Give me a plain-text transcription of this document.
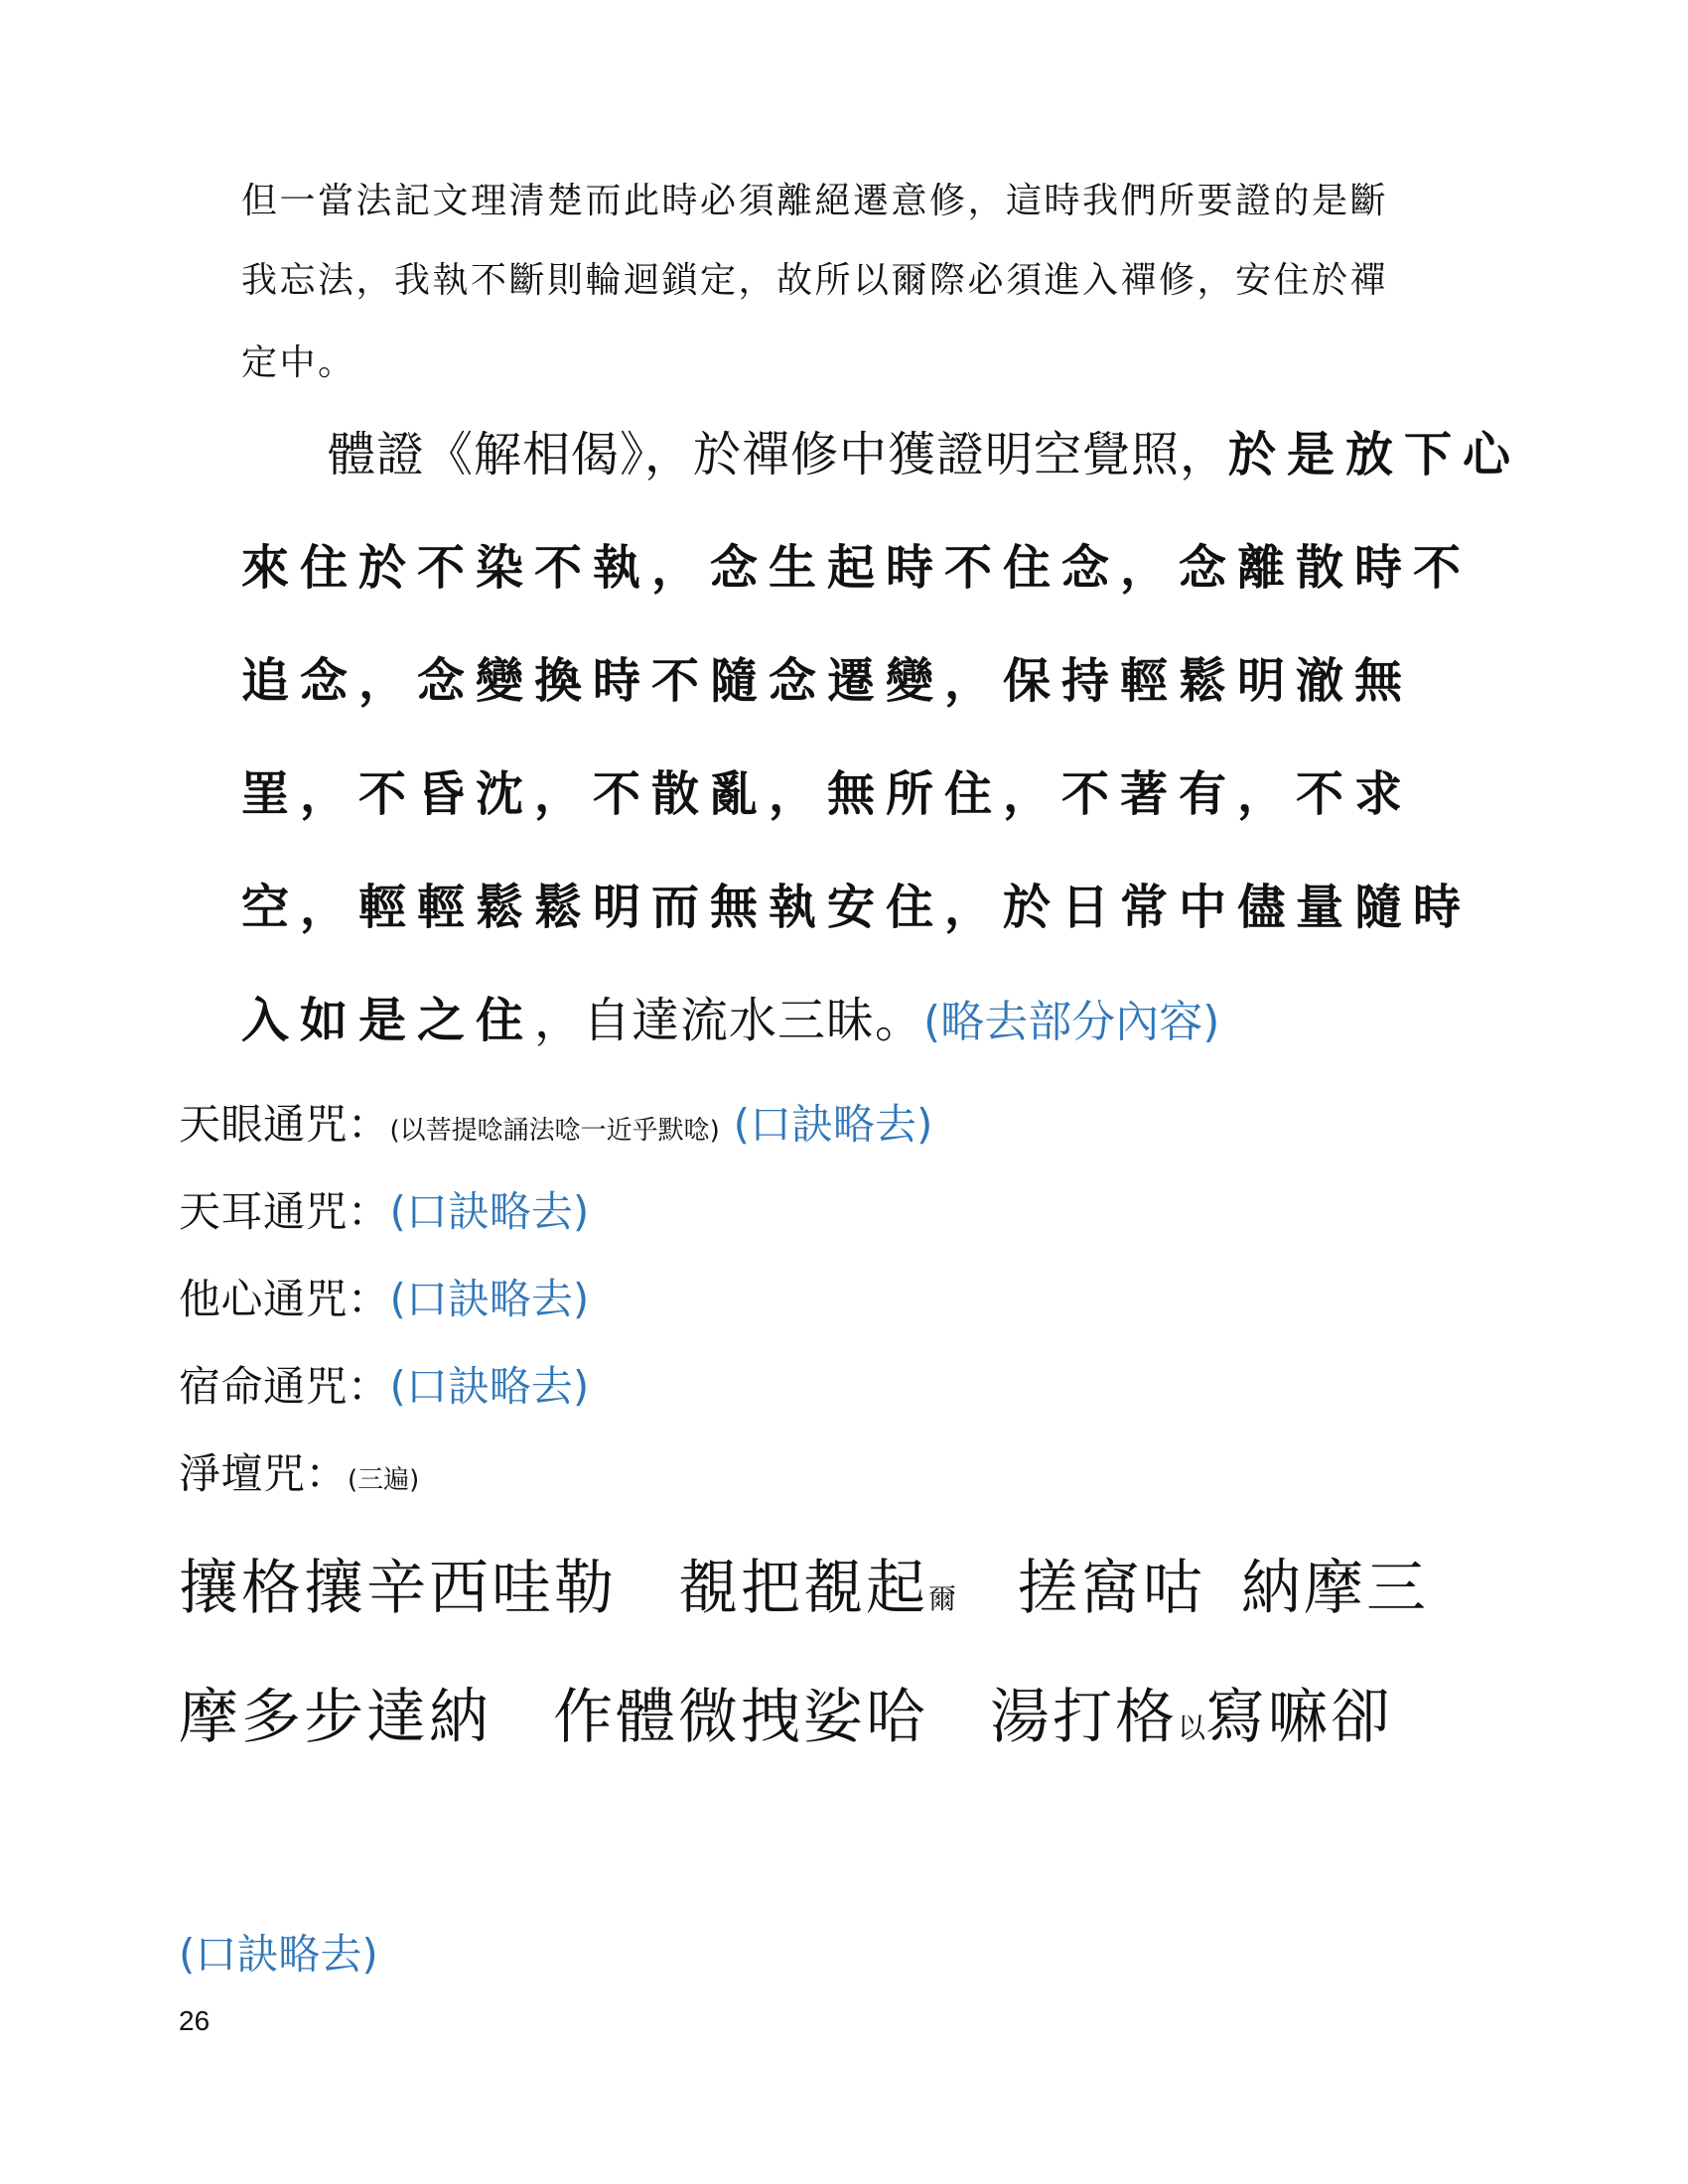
但一當法記文理清楚而此時必須離絕遷意修，這時我們所要證的是斷
我忘法，我執不斷則輪迴鎖定，故所以爾際必須進入禪修，安住於禪
定中。
體證《解相偈》，於禪修中獲證明空覺照，於是放下心
來住於不染不執，念生起時不住念，念離散時不
追念，念變換時不隨念遷變，保持輕鬆明澈無
罣，不昏沈，不散亂，無所住，不著有，不求
空，輕輕鬆鬆明而無執安住，於日常中儘量隨時
入如是之住，自達流水三昧。(略去部分內容)
天眼通咒：(以菩提唸誦法唸一近乎默唸) (口訣略去)
天耳通咒：(口訣略去)
他心通咒：(口訣略去)
宿命通咒：(口訣略去)
淨壇咒：(三遍)
攘格攘辛西哇勒 覩把覩起爾 搓窩咕 納摩三
摩多步達納 作體微拽娑哈 湯打格以寫嘛卻
(口訣略去)
26
